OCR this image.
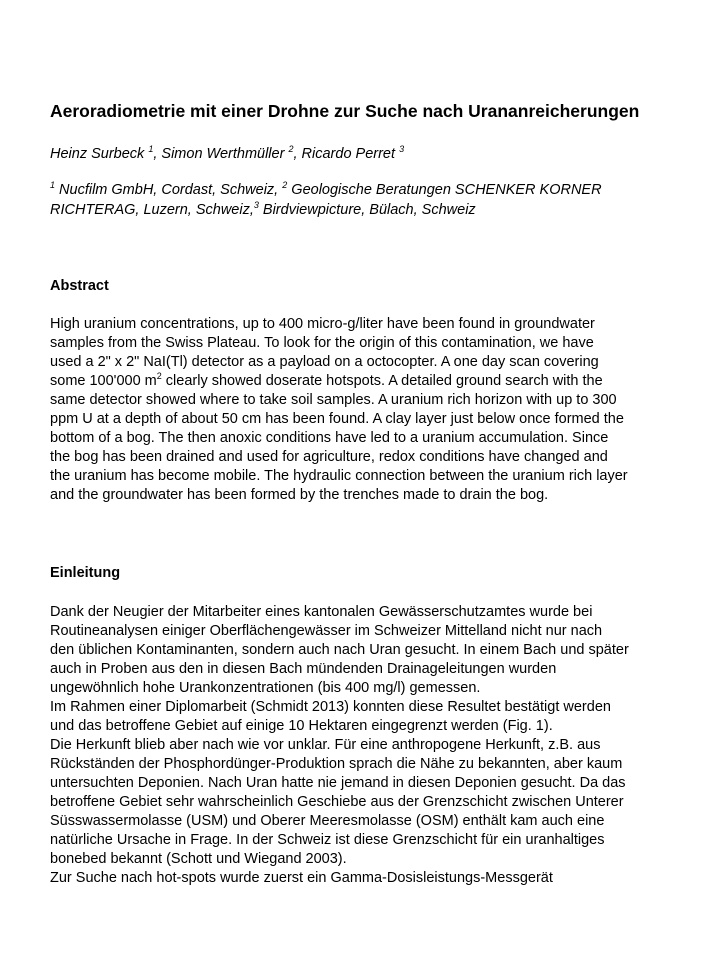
Aeroradiometrie mit einer Drohne zur Suche nach Urananreicherungen
Heinz Surbeck $^1$, Simon Werthmüller $^2$, Ricardo Perret $^3$
$^1$ Nucfilm GmbH, Cordast, Schweiz, $^2$ Geologische Beratungen SCHENKER KORNER
RICHTERAG, Luzern, Schweiz,$^3$ Birdviewpicture, Bülach, Schweiz
Abstract

High uranium concentrations, up to 400 micro-g/liter have been found in groundwater
samples from the Swiss Plateau. To look for the origin of this contamination, we have
used a 2" x 2" NaI(Tl) detector as a payload on a octocopter. A one day scan covering
some 100'000 $m^2$ clearly showed doserate hotspots. A detailed ground search with the
same detector showed where to take soil samples. A uranium rich horizon with up to 300
ppm U at a depth of about 50 cm has been found. A clay layer just below once formed the
bottom of a bog. The then anoxic conditions have led to a uranium accumulation. Since
the bog has been drained and used for agriculture, redox conditions have changed and
the uranium has become mobile. The hydraulic connection between the uranium rich layer
and the groundwater has been formed by the trenches made to drain the bog.

Einleitung

Dank der Neugier der Mitarbeiter eines kantonalen Gewässerschutzamtes wurde bei
Routineanalysen einiger Oberflächengewässer im Schweizer Mittelland nicht nur nach
den üblichen Kontaminanten, sondern auch nach Uran gesucht. In einem Bach und später
auch in Proben aus den in diesen Bach mündenden Drainageleitungen wurden
ungewöhnlich hohe Urankonzentrationen (bis 400 mg/l) gemessen.
Im Rahmen einer Diplomarbeit (Schmidt 2013) konnten diese Resultet bestätigt werden
und das betroffene Gebiet auf einige 10 Hektaren eingegrenzt werden (Fig. 1).
Die Herkunft blieb aber nach wie vor unklar. Für eine anthropogene Herkunft, z.B. aus
Rückständen der Phosphordünger-Produktion sprach die Nähe zu bekannten, aber kaum
untersuchten Deponien. Nach Uran hatte nie jemand in diesen Deponien gesucht. Da das
betroffene Gebiet sehr wahrscheinlich Geschiebe aus der Grenzschicht zwischen Unterer
Süsswassermolasse (USM) und Oberer Meeresmolasse (OSM) enthält kam auch eine
natürliche Ursache in Frage. In der Schweiz ist diese Grenzschicht für ein uranhaltiges
bonebed bekannt (Schott und Wiegand 2003).
Zur Suche nach hot-spots wurde zuerst ein Gamma-Dosisleistungs-Messgerät
